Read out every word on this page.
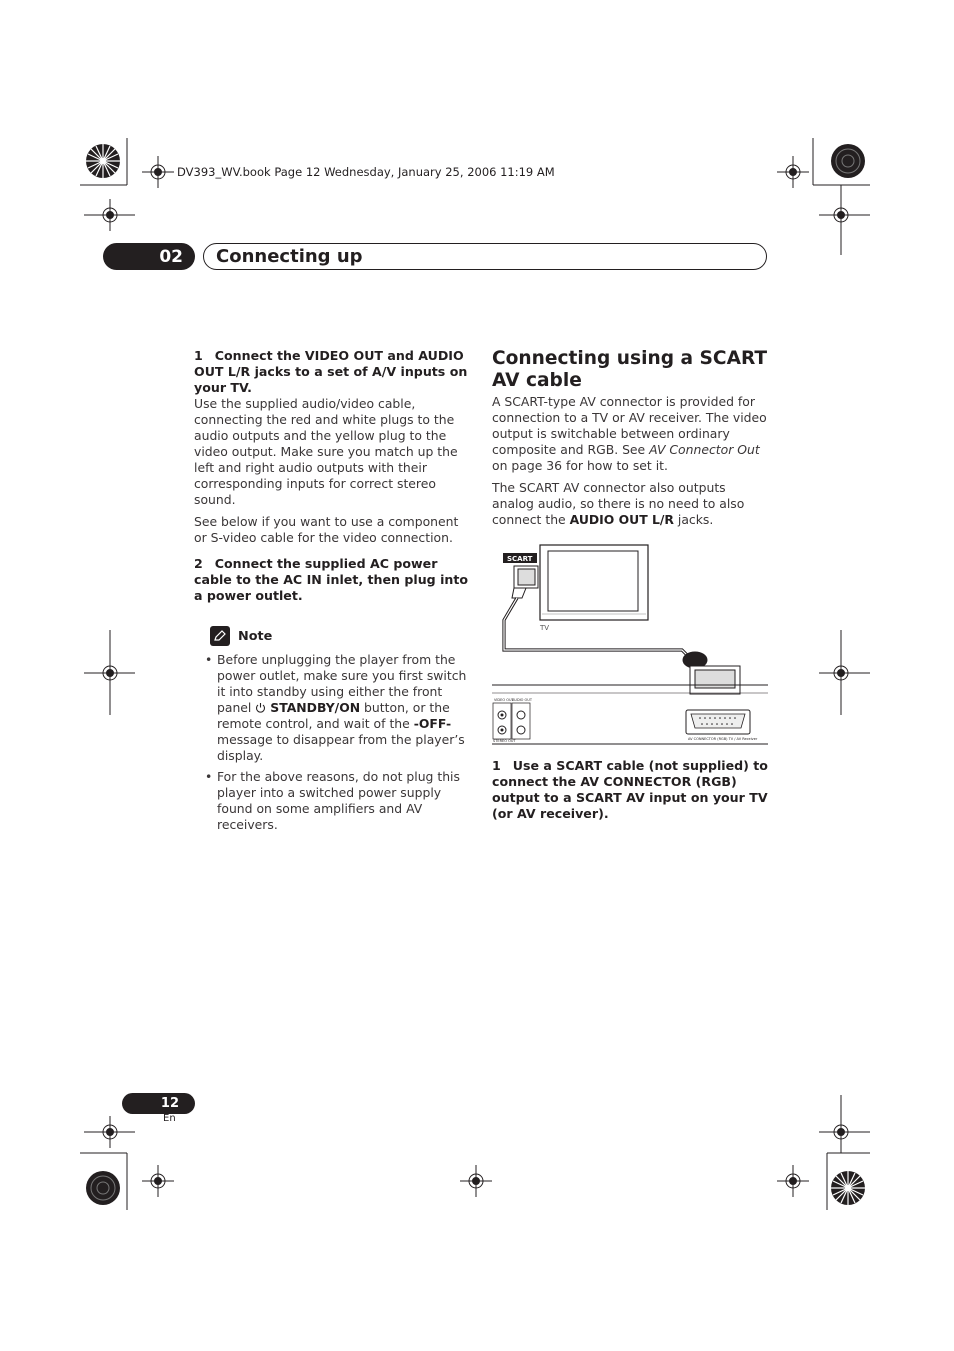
DV393_WV.book Page 12 Wednesday, January 25, 2006 11:19 AM
02	Connecting up

1 Connect the VIDEO OUT and AUDIO OUT L/R jacks to a set of A/V inputs on your TV.

Use the supplied audio/video cable, connecting the red and white plugs to the audio outputs and the yellow plug to the video output. Make sure you match up the left and right audio outputs with their corresponding inputs for correct stereo sound.

See below if you want to use a component or S-video cable for the video connection.

2 Connect the supplied AC power cable to the AC IN inlet, then plug into a power outlet.

Note
• Before unplugging the player from the power outlet, make sure you first switch it into standby using either the front panel  STANDBY/ON button, or the remote control, and wait of the -OFF- message to disappear from the player’s display.
• For the above reasons, do not plug this player into a switched power supply found on some amplifiers and AV receivers.

Connecting using a SCART AV cable

A SCART-type AV connector is provided for connection to a TV or AV receiver. The video output is switchable between ordinary composite and RGB. See AV Connector Out on page 36 for how to set it.

The SCART AV connector also outputs analog audio, so there is no need to also connect the AUDIO OUT L/R jacks.

TV
SCART
VIDEO OUT
AUDIO OUT
STEREO OUT	AV CONNECTOR (RGB) TV / AV Receiver

1 Use a SCART cable (not supplied) to connect the AV CONNECTOR (RGB) output to a SCART AV input on your TV (or AV receiver).

12
En
